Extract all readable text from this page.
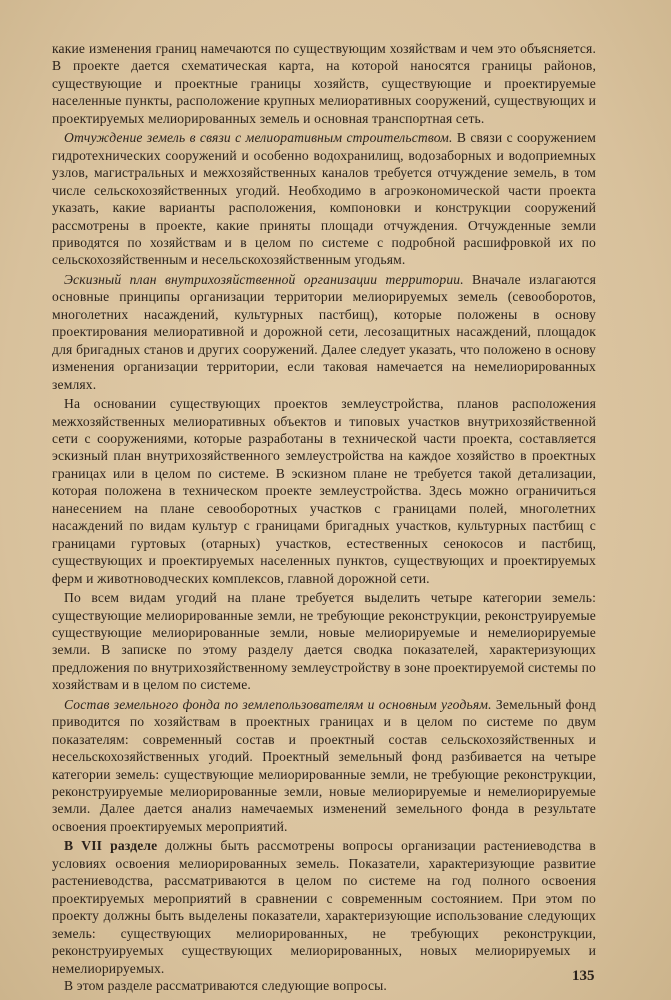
какие изменения границ намечаются по существующим хозяйствам и чем это объясняется. В проекте дается схематическая карта, на которой наносятся границы районов, существующие и проектные границы хозяйств, существующие и проектируемые населенные пункты, расположение крупных мелиоративных сооружений, существующих и проектируемых мелиорированных земель и основная транспортная сеть.

Отчуждение земель в связи с мелиоративным строительством. В связи с сооружением гидротехнических сооружений и особенно водохранилищ, водозаборных и водоприемных узлов, магистральных и межхозяйственных каналов требуется отчуждение земель, в том числе сельскохозяйственных угодий. Необходимо в агроэкономической части проекта указать, какие варианты расположения, компоновки и конструкции сооружений рассмотрены в проекте, какие приняты площади отчуждения. Отчужденные земли приводятся по хозяйствам и в целом по системе с подробной расшифровкой их по сельскохозяйственным и несельскохозяйственным угодьям.

Эскизный план внутрихозяйственной организации территории. Вначале излагаются основные принципы организации территории мелиорируемых земель (севооборотов, многолетних насаждений, культурных пастбищ), которые положены в основу проектирования мелиоративной и дорожной сети, лесозащитных насаждений, площадок для бригадных станов и других сооружений. Далее следует указать, что положено в основу изменения организации территории, если таковая намечается на немелиорированных землях.

На основании существующих проектов землеустройства, планов расположения межхозяйственных мелиоративных объектов и типовых участков внутрихозяйственной сети с сооружениями, которые разработаны в технической части проекта, составляется эскизный план внутрихозяйственного землеустройства на каждое хозяйство в проектных границах или в целом по системе. В эскизном плане не требуется такой детализации, которая положена в техническом проекте землеустройства. Здесь можно ограничиться нанесением на плане севооборотных участков с границами полей, многолетних насаждений по видам культур с границами бригадных участков, культурных пастбищ с границами гуртовых (отарных) участков, естественных сенокосов и пастбищ, существующих и проектируемых населенных пунктов, существующих и проектируемых ферм и животноводческих комплексов, главной дорожной сети.

По всем видам угодий на плане требуется выделить четыре категории земель: существующие мелиорированные земли, не требующие реконструкции, реконструируемые существующие мелиорированные земли, новые мелиорируемые и немелиорируемые земли. В записке по этому разделу дается сводка показателей, характеризующих предложения по внутрихозяйственному землеустройству в зоне проектируемой системы по хозяйствам и в целом по системе.

Состав земельного фонда по землепользователям и основным угодьям. Земельный фонд приводится по хозяйствам в проектных границах и в целом по системе по двум показателям: современный состав и проектный состав сельскохозяйственных и несельскохозяйственных угодий. Проектный земельный фонд разбивается на четыре категории земель: существующие мелиорированные земли, не требующие реконструкции, реконструируемые мелиорированные земли, новые мелиорируемые и немелиорируемые земли. Далее дается анализ намечаемых изменений земельного фонда в результате освоения проектируемых мероприятий.

В VII разделе должны быть рассмотрены вопросы организации растениеводства в условиях освоения мелиорированных земель. Показатели, характеризующие развитие растениеводства, рассматриваются в целом по системе на год полного освоения проектируемых мероприятий в сравнении с современным состоянием. При этом по проекту должны быть выделены показатели, характеризующие использование следующих земель: существующих мелиорированных, не требующих реконструкции, реконструируемых существующих мелиорированных, новых мелиорируемых и немелиорируемых.

В этом разделе рассматриваются следующие вопросы.

135
